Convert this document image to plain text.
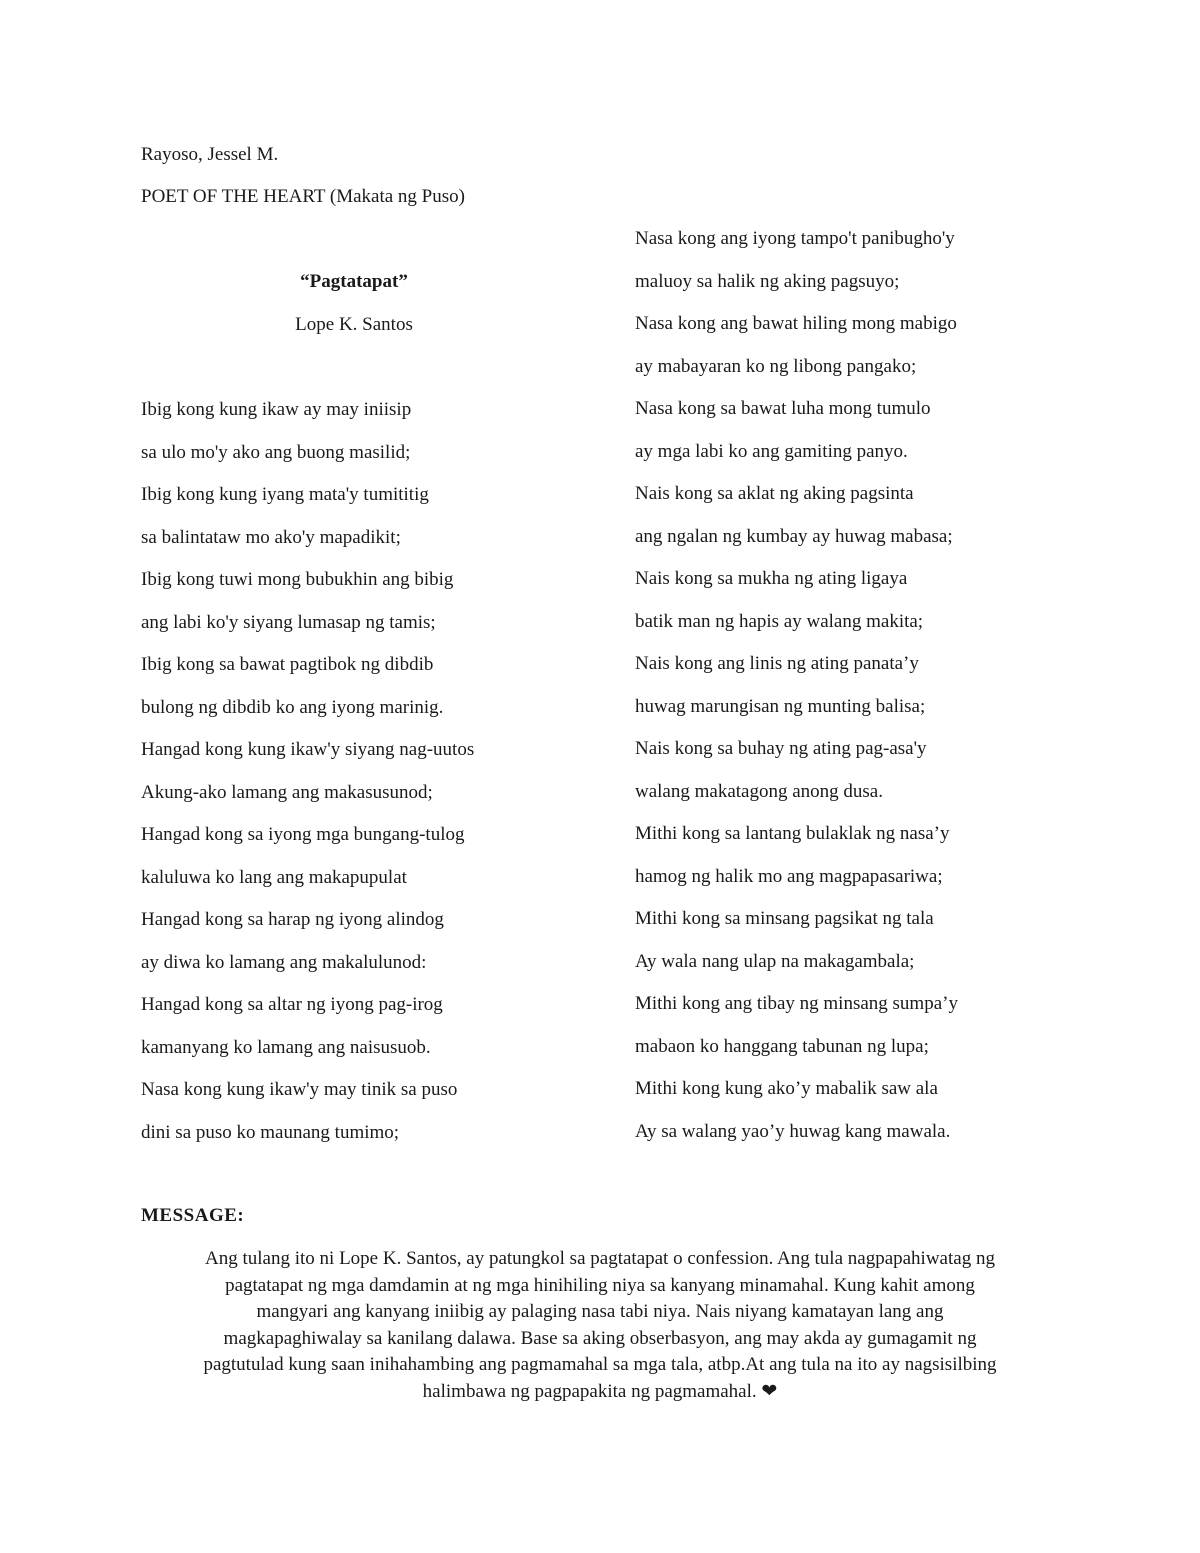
Rayoso, Jessel M.
POET OF THE HEART (Makata ng Puso)
“Pagtatapat”
Lope K. Santos
Ibig kong kung ikaw ay may iniisip
sa ulo mo'y ako ang buong masilid;
Ibig kong kung iyang mata'y tumititig
sa balintataw mo ako'y mapadikit;
Ibig kong tuwi mong bubukhin ang bibig
ang labi ko'y siyang lumasap ng tamis;
Ibig kong sa bawat pagtibok ng dibdib
bulong ng dibdib ko ang iyong marinig.
Hangad kong kung ikaw'y siyang nag-uutos
Akung-ako lamang ang makasusunod;
Hangad kong sa iyong mga bungang-tulog
kaluluwa ko lang ang makapupulat
Hangad kong sa harap ng iyong alindog
ay diwa ko lamang ang makalulunod:
Hangad kong sa altar ng iyong pag-irog
kamanyang ko lamang ang naisusuob.
Nasa kong kung ikaw'y may tinik sa puso
dini sa puso ko maunang tumimo;
Nasa kong ang iyong tampo't panibugho'y
maluoy sa halik ng aking pagsuyo;
Nasa kong ang bawat hiling mong mabigo
ay mabayaran ko ng libong pangako;
Nasa kong sa bawat luha mong tumulo
ay mga labi ko ang gamiting panyo.
Nais kong sa aklat ng aking pagsinta
ang ngalan ng kumbay ay huwag mabasa;
Nais kong sa mukha ng ating ligaya
batik man ng hapis ay walang makita;
Nais kong ang linis ng ating panata’y
huwag marungisan ng munting balisa;
Nais kong sa buhay ng ating pag-asa'y
walang makatagong anong dusa.
Mithi kong sa lantang bulaklak ng nasa’y
hamog ng halik mo ang magpapasariwa;
Mithi kong sa minsang pagsikat ng tala
Ay wala nang ulap na makagambala;
Mithi kong ang tibay ng minsang sumpa’y
mabaon ko hanggang tabunan ng lupa;
Mithi kong kung ako’y mabalik saw ala
Ay sa walang yao’y huwag kang mawala.
MESSAGE:
Ang tulang ito ni Lope K. Santos, ay patungkol sa pagtatapat o confession. Ang tula nagpapahiwatag ng
pagtatapat ng mga damdamin at ng mga hinihiling niya sa kanyang minamahal. Kung kahit among
mangyari ang kanyang iniibig ay palaging nasa tabi niya. Nais niyang kamatayan lang ang
magkapaghiwalay sa kanilang dalawa. Base sa aking obserbasyon, ang may akda ay gumagamit ng
pagtutulad kung saan inihahambing ang pagmamahal sa mga tala, atbp.At ang tula na ito ay nagsisilbing
halimbawa ng pagpapakita ng pagmamahal. ❤
